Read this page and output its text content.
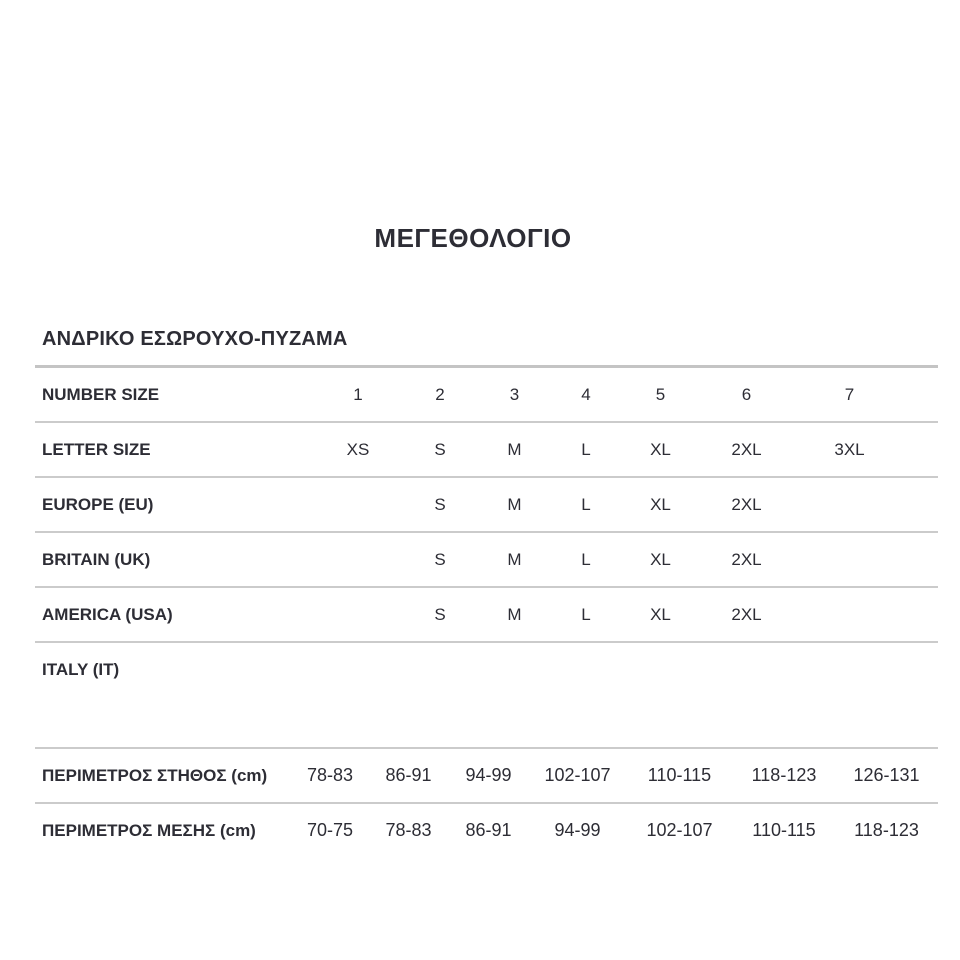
ΜΕΓΕΘΟΛΟΓΙΟ
ΑΝΔΡΙΚΟ ΕΣΩΡΟΥΧΟ-ΠΥΖΑΜΑ
NUMBER SIZE	1	2	3	4	5	6	7
LETTER SIZE	XS	S	M	L	XL	2XL	3XL
EUROPE (EU)		S	M	L	XL	2XL	
BRITAIN (UK)		S	M	L	XL	2XL	
AMERICA (USA)		S	M	L	XL	2XL	
ITALY (IT)							
ΠΕΡΙΜΕΤΡΟΣ ΣΤΗΘΟΣ (cm)	78-83	86-91	94-99	102-107	110-115	118-123	126-131
ΠΕΡΙΜΕΤΡΟΣ ΜΕΣΗΣ (cm)	70-75	78-83	86-91	94-99	102-107	110-115	118-123
